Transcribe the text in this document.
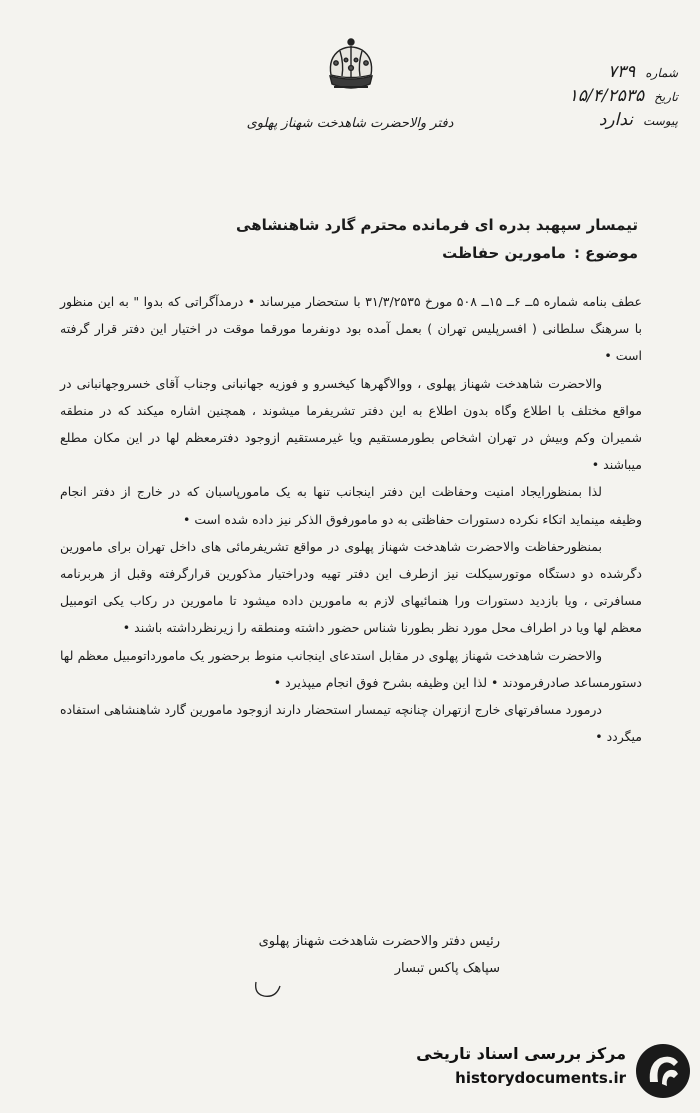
دفتر والاحضرت شاهدخت شهناز پهلوی
شماره
۷۳۹
تاریخ
۱۵/۴/۲۵۳۵
پیوست
ندارد
تیمسار سپهبد بدره ای فرمانده محترم گارد شاهنشاهی
موضوع :
مامورین حفاظت

عطف بنامه شماره ۵ــ ۶ــ ۱۵ــ ۵۰۸ مورخ ۳۱/۳/۲۵۳۵ با ستحضار میرساند • درمدآگراتی که بدوا " به این منظور با سرهنگ سلطانی ( افسرپلیس تهران ) بعمل آمده بود دونفرما مورقما موقت در اختیار این دفتر قرار گرفته است •

والاحضرت شاهدخت شهناز پهلوی ، ووالاگهرها کیخسرو و فوزیه جهانبانی وجناب آقای خسروجهانبانی در مواقع مختلف با اطلاع وگاه بدون اطلاع به این دفتر تشریفرما میشوند ، همچنین اشاره میکند که در منطقه شمیران وکم وبیش در تهران اشخاص بطورمستقیم ویا غیرمستقیم ازوجود دفترمعظم لها در این مکان مطلع میباشند •

لذا بمنظورایجاد امنیت وحفاظت این دفتر اینجانب تنها به یک مامورپاسبان که در خارج از دفتر انجام وظیفه مینماید اتکاء نکرده دستورات حفاظتی به دو مامورفوق الذکر نیز داده شده است •

بمنظورحفاظت والاحضرت شاهدخت شهناز پهلوی در مواقع تشریفرمائی های داخل تهران برای مامورین دگرشده دو دستگاه موتورسیکلت نیز ازطرف این دفتر تهیه ودراختیار مذکورین قرارگرفته وقبل از هربرنامه مسافرتی ، ویا بازدید دستورات ورا هنمائیهای لازم به مامورین داده میشود تا مامورین در رکاب یکی اتومبیل معظم لها ویا در اطراف محل مورد نظر بطورنا شناس حضور داشته ومنطقه را زیرنظرداشته باشند •

والاحضرت شاهدخت شهناز پهلوی در مقابل استدعای اینجانب منوط برحضور یک مامورداتومبیل معظم لها دستورمساعد صادرفرمودند • لذا این وظیفه بشرح فوق انجام میپذیرد •

درمورد مسافرتهای خارج ازتهران چنانچه تیمسار استحضار دارند ازوجود مامورین گارد شاهنشاهی استفاده میگردد •

رئیس دفتر والاحضرت شاهدخت شهناز پهلوی
سپاهک پاکس تبسار
مرکز بررسی اسناد تاریخی
historydocuments.ir
